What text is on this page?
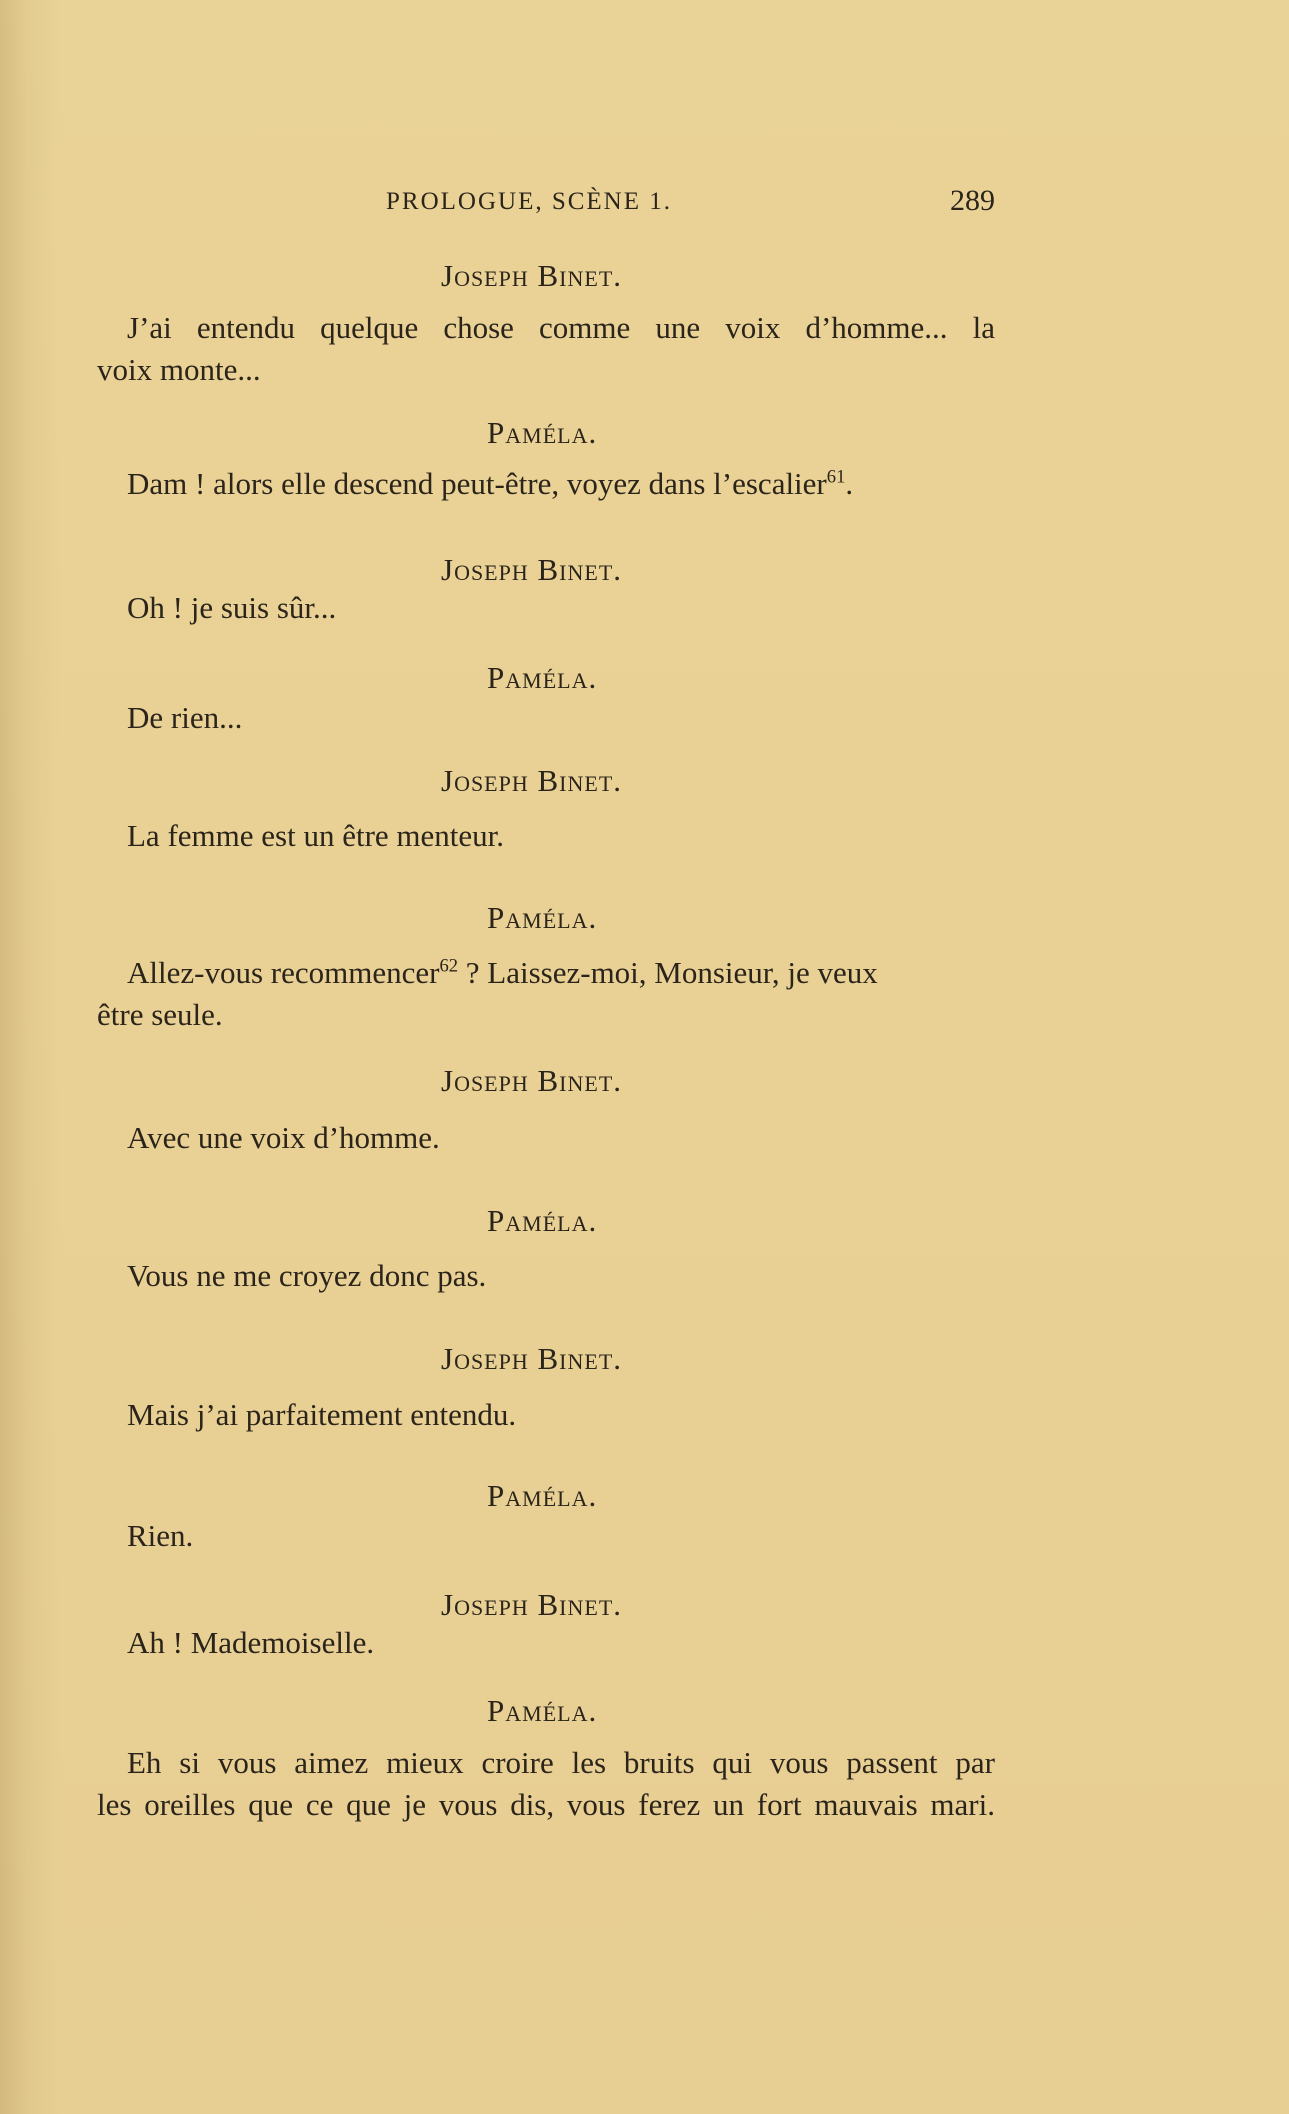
PROLOGUE, SCÈNE 1.	289
Joseph Binet.
J’ai entendu quelque chose comme une voix d’homme... la
voix monte...
Paméla.
Dam ! alors elle descend peut-être, voyez dans l’escalier$^{61}$.
Joseph Binet.
Oh ! je suis sûr...
Paméla.
De rien...
Joseph Binet.
La femme est un être menteur.
Paméla.
Allez-vous recommencer$^{62}$ ? Laissez-moi, Monsieur, je veux
être seule.
Joseph Binet.
Avec une voix d’homme.
Paméla.
Vous ne me croyez donc pas.
Joseph Binet.
Mais j’ai parfaitement entendu.
Paméla.
Rien.
Joseph Binet.
Ah ! Mademoiselle.
Paméla.
Eh si vous aimez mieux croire les bruits qui vous passent par
les oreilles que ce que je vous dis, vous ferez un fort mauvais mari.
